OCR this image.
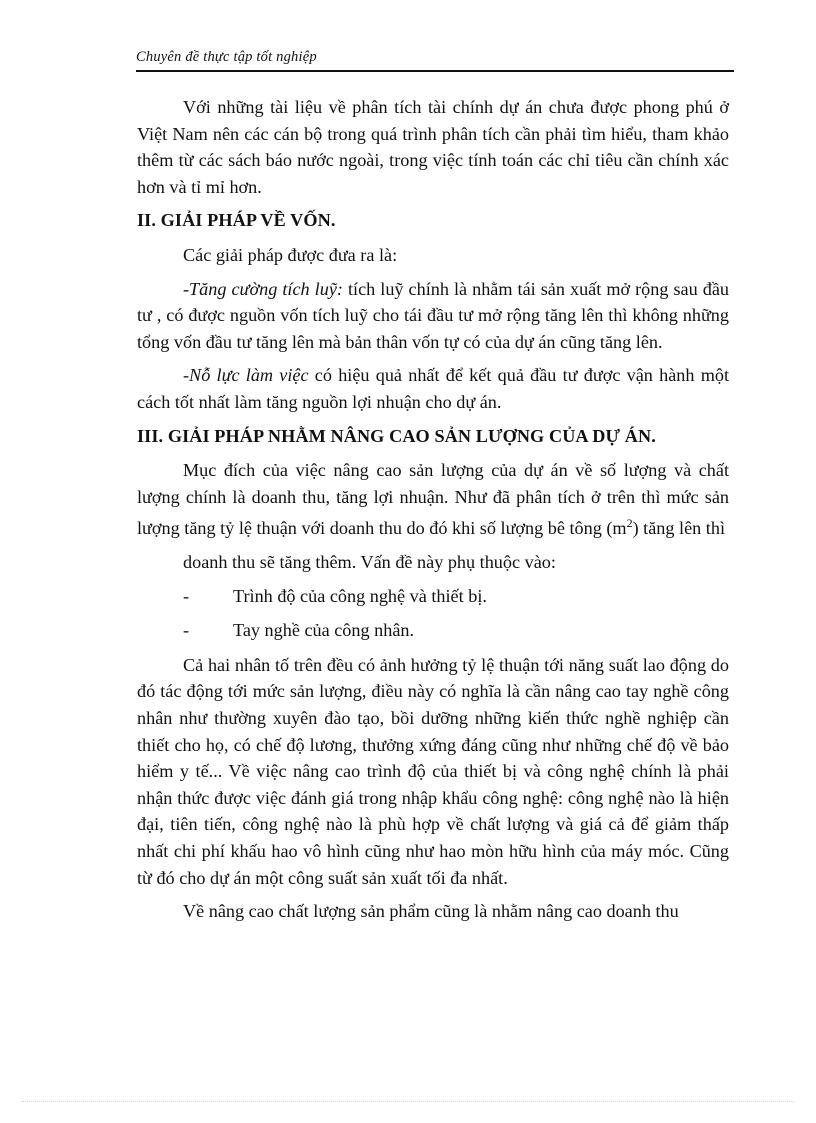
Chuyên đề thực tập tốt nghiệp

Với những tài liệu về phân tích tài chính dự án chưa được phong phú ở Việt Nam nên các cán bộ trong quá trình phân tích cần phải tìm hiểu, tham khảo thêm từ các sách báo nước ngoài, trong việc tính toán các chỉ tiêu cần chính xác hơn và tỉ mỉ hơn.

II. GIẢI PHÁP VỀ VỐN.

Các giải pháp được đưa ra là:

-Tăng cường tích luỹ: tích luỹ chính là nhằm tái sản xuất mở rộng sau đầu tư , có được nguồn vốn tích luỹ cho tái đầu tư mở rộng tăng lên thì không những tổng vốn đầu tư tăng lên mà bản thân vốn tự có của dự án cũng tăng lên.

-Nỗ lực làm việc có hiệu quả nhất để kết quả đầu tư được vận hành một cách tốt nhất làm tăng nguồn lợi nhuận cho dự án.

III. GIẢI PHÁP NHẰM NÂNG CAO SẢN LƯỢNG CỦA DỰ ÁN.

Mục đích của việc nâng cao sản lượng của dự án về số lượng và chất lượng chính là doanh thu, tăng lợi nhuận. Như đã phân tích ở trên thì mức sản lượng tăng tỷ lệ thuận với doanh thu do đó khi số lượng bê tông $(m^2)$ tăng lên thì

doanh thu sẽ tăng thêm. Vấn đề này phụ thuộc vào:

-	Trình độ của công nghệ và thiết bị.
-	Tay nghề của công nhân.

Cả hai nhân tố trên đều có ảnh hưởng tỷ lệ thuận tới năng suất lao động do đó tác động tới mức sản lượng, điều này có nghĩa là cần nâng cao tay nghề công nhân như thường xuyên đào tạo, bồi dưỡng những kiến thức nghề nghiệp cần thiết cho họ, có chế độ lương, thưởng xứng đáng cũng như những chế độ về bảo hiểm y tế... Về việc nâng cao trình độ của thiết bị và công nghệ chính là phải nhận thức được việc đánh giá trong nhập khẩu công nghệ: công nghệ nào là hiện đại, tiên tiến, công nghệ nào là phù hợp về chất lượng và giá cả để giảm thấp nhất chi phí khấu hao vô hình cũng như hao mòn hữu hình của máy móc. Cũng từ đó cho dự án một công suất sản xuất tối đa nhất.

Về nâng cao chất lượng sản phẩm cũng là nhằm nâng cao doanh thu
